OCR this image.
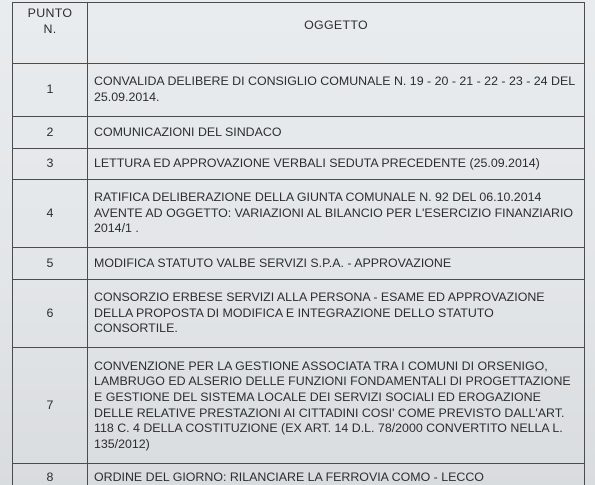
PUNTO
N.	OGGETTO
1	CONVALIDA DELIBERE DI CONSIGLIO COMUNALE N. 19 - 20 - 21 - 22 - 23 - 24 DEL 25.09.2014.
2	COMUNICAZIONI DEL SINDACO
3	LETTURA ED APPROVAZIONE VERBALI SEDUTA PRECEDENTE (25.09.2014)
4	RATIFICA DELIBERAZIONE DELLA GIUNTA COMUNALE N. 92 DEL 06.10.2014 AVENTE AD OGGETTO: VARIAZIONI AL BILANCIO PER L'ESERCIZIO FINANZIARIO 2014/1 .
5	MODIFICA STATUTO VALBE SERVIZI S.P.A. - APPROVAZIONE
6	CONSORZIO ERBESE SERVIZI ALLA PERSONA - ESAME ED APPROVAZIONE DELLA PROPOSTA DI MODIFICA E INTEGRAZIONE DELLO STATUTO CONSORTILE.
7	CONVENZIONE PER LA GESTIONE ASSOCIATA TRA I COMUNI DI ORSENIGO, LAMBRUGO ED ALSERIO DELLE FUNZIONI FONDAMENTALI DI PROGETTAZIONE E GESTIONE DEL SISTEMA LOCALE DEI SERVIZI SOCIALI ED EROGAZIONE DELLE RELATIVE PRESTAZIONI AI CITTADINI COSI' COME PREVISTO DALL'ART. 118 C. 4 DELLA COSTITUZIONE (EX ART. 14 D.L. 78/2000 CONVERTITO NELLA L. 135/2012)
8	ORDINE DEL GIORNO: RILANCIARE LA FERROVIA COMO - LECCO
